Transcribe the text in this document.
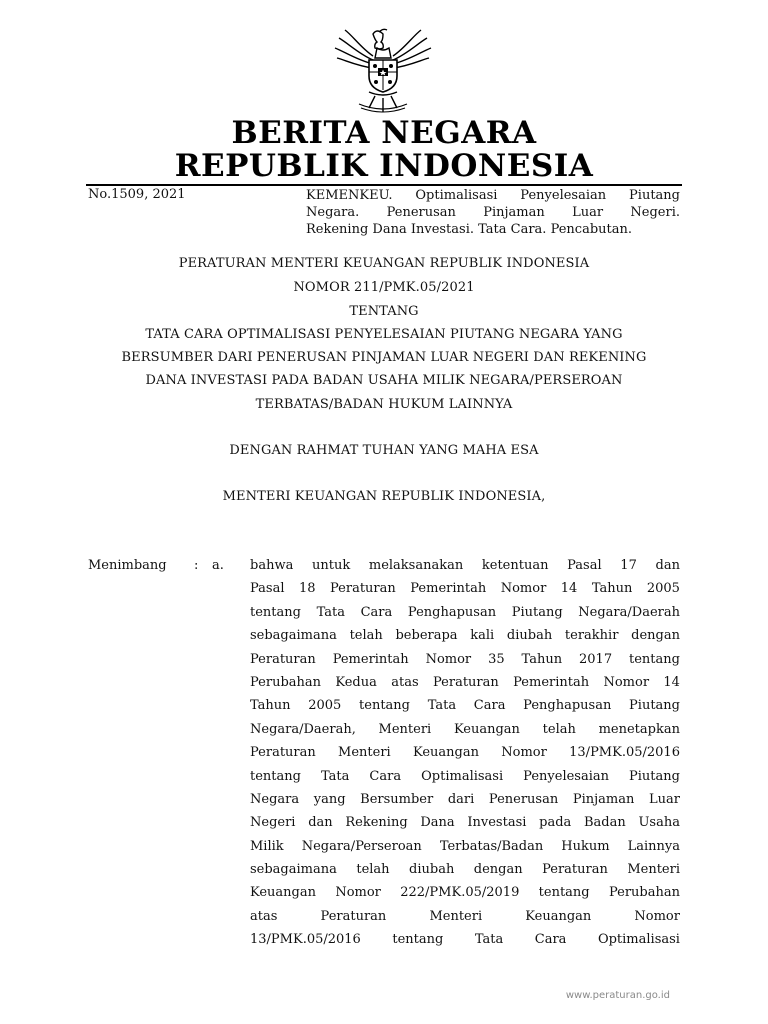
BERITA NEGARA
REPUBLIK INDONESIA
No.1509, 2021	KEMENKEU. Optimalisasi Penyelesaian Piutang
Negara. Penerusan Pinjaman Luar Negeri.
Rekening Dana Investasi. Tata Cara. Pencabutan.
PERATURAN MENTERI KEUANGAN REPUBLIK INDONESIA
NOMOR 211/PMK.05/2021
TENTANG
TATA CARA OPTIMALISASI PENYELESAIAN PIUTANG NEGARA YANG
BERSUMBER DARI PENERUSAN PINJAMAN LUAR NEGERI DAN REKENING
DANA INVESTASI PADA BADAN USAHA MILIK NEGARA/PERSEROAN
TERBATAS/BADAN HUKUM LAINNYA
DENGAN RAHMAT TUHAN YANG MAHA ESA
MENTERI KEUANGAN REPUBLIK INDONESIA,
Menimbang : a. bahwa untuk melaksanakan ketentuan Pasal 17 dan
Pasal 18 Peraturan Pemerintah Nomor 14 Tahun 2005
tentang Tata Cara Penghapusan Piutang Negara/Daerah
sebagaimana telah beberapa kali diubah terakhir dengan
Peraturan Pemerintah Nomor 35 Tahun 2017 tentang
Perubahan Kedua atas Peraturan Pemerintah Nomor 14
Tahun 2005 tentang Tata Cara Penghapusan Piutang
Negara/Daerah, Menteri Keuangan telah menetapkan
Peraturan Menteri Keuangan Nomor 13/PMK.05/2016
tentang Tata Cara Optimalisasi Penyelesaian Piutang
Negara yang Bersumber dari Penerusan Pinjaman Luar
Negeri dan Rekening Dana Investasi pada Badan Usaha
Milik Negara/Perseroan Terbatas/Badan Hukum Lainnya
sebagaimana telah diubah dengan Peraturan Menteri
Keuangan Nomor 222/PMK.05/2019 tentang Perubahan
atas	Peraturan	Menteri	Keuangan	Nomor
13/PMK.05/2016 tentang Tata Cara Optimalisasi
www.peraturan.go.id
